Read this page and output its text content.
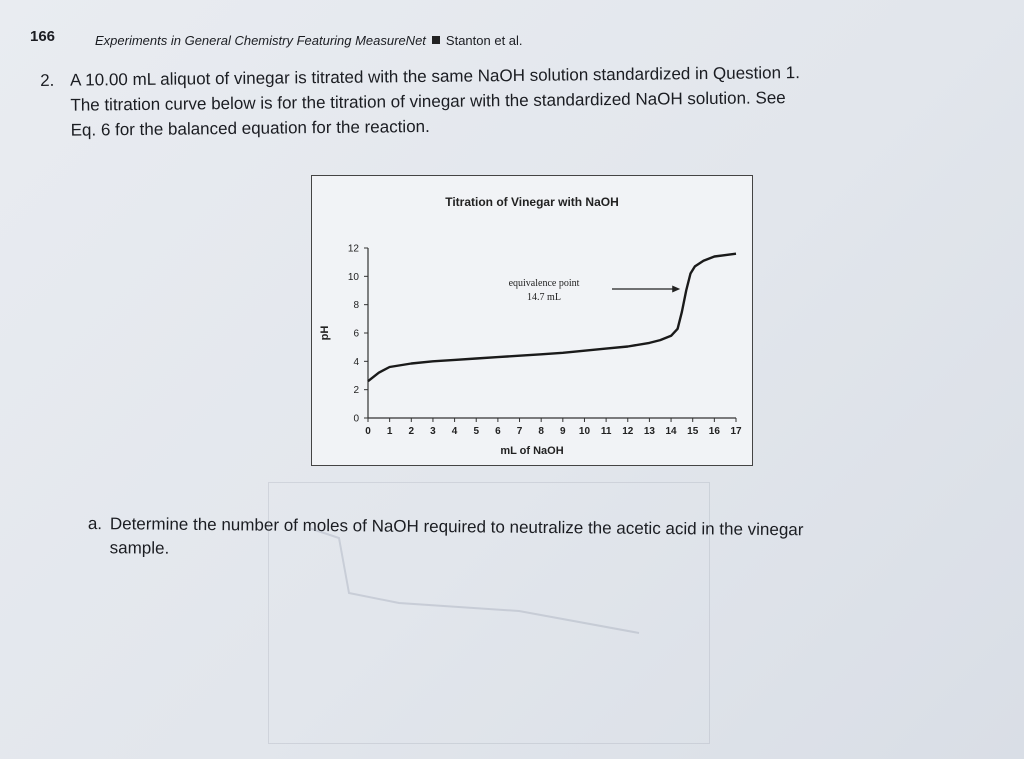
166	Experiments in General Chemistry Featuring MeasureNet Stanton et al.
2. A 10.00 mL aliquot of vinegar is titrated with the same NaOH solution standardized in Question 1.
The titration curve below is for the titration of vinegar with the standardized NaOH solution. See
Eq. 6 for the balanced equation for the reaction.
Titration of Vinegar with NaOH
0
2
4
6
8
10
12
0 1 2 3 4 5 6 7 8 9 10 11 12 13 14 15 16 17
mL of NaOH
pH
equivalence point
14.7 mL
a. Determine the number of moles of NaOH required to neutralize the acetic acid in the vinegar
sample.
